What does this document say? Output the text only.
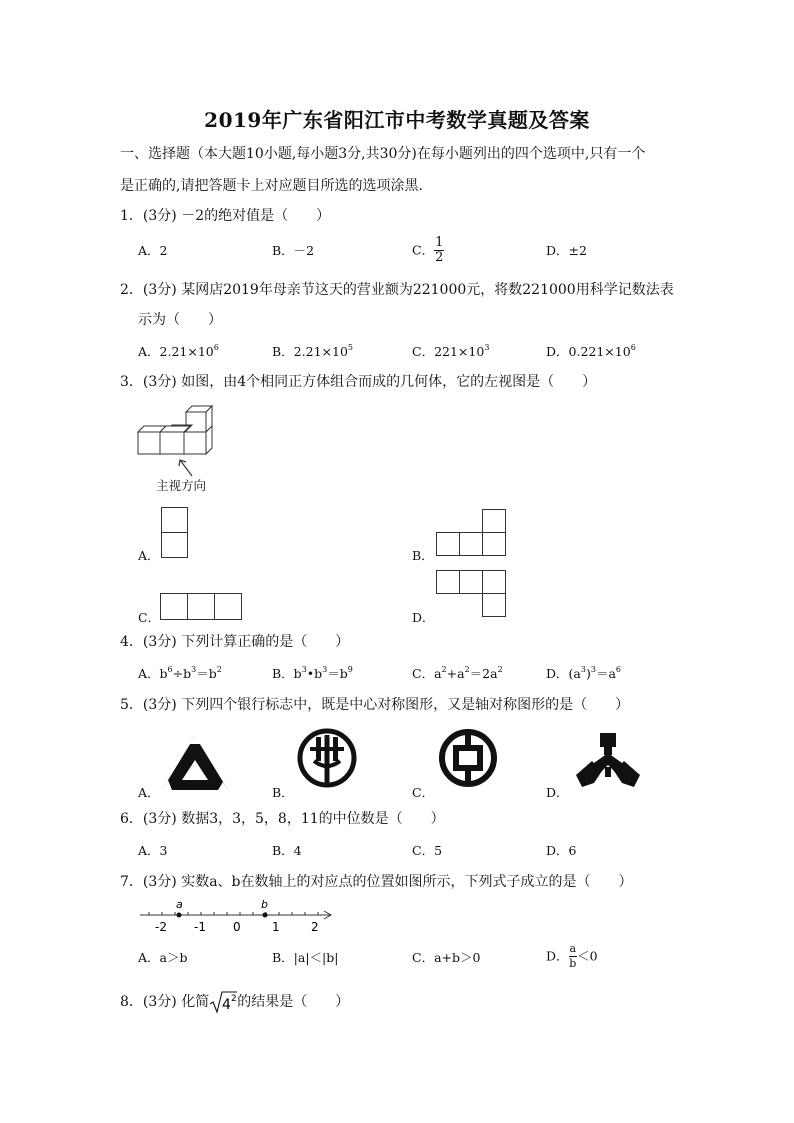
2019年广东省阳江市中考数学真题及答案
一、选择题（本大题10小题,每小题3分,共30分)在每小题列出的四个选项中,只有一个
是正确的,请把答题卡上对应题目所选的选项涂黑.
1．(3分) －2的绝对值是（　　）
A．2	B．－2	C． $\frac{1}{2}$	D．±2
2．(3分) 某网店2019年母亲节这天的营业额为221000元，将数221000用科学记数法表
示为（　　）
A．$2.21\times 10^6$	B．$2.21\times 10^5$	C．$221\times 10^3$	D．$0.221\times 10^6$
3．(3分) 如图，由4个相同正方体组合而成的几何体，它的左视图是（　　）
主视方向
A．	B．
C．	D．
4．(3分) 下列计算正确的是（　　）
A．$b^6\div b^3=b^2$	B．$b^3•b^3=b^9$	C．$a^2+a^2=2a^2$	D．$(a^3)^3=a^6$
5．(3分) 下列四个银行标志中，既是中心对称图形，又是轴对称图形的是（　　）
A．	B．	C．	D．
6．(3分) 数据3，3，5，8，11的中位数是（　　）
A．3	B．4	C．5	D．6
7．(3分) 实数a、b在数轴上的对应点的位置如图所示，下列式子成立的是（　　）
a	b
-2 -1 0	1	2
A．a＞b	B．|a|＜|b|	C．a+b＞0	D． $\frac{a}{b} <0$
8．(3分) 化简 4 2 的结果是（　　）
